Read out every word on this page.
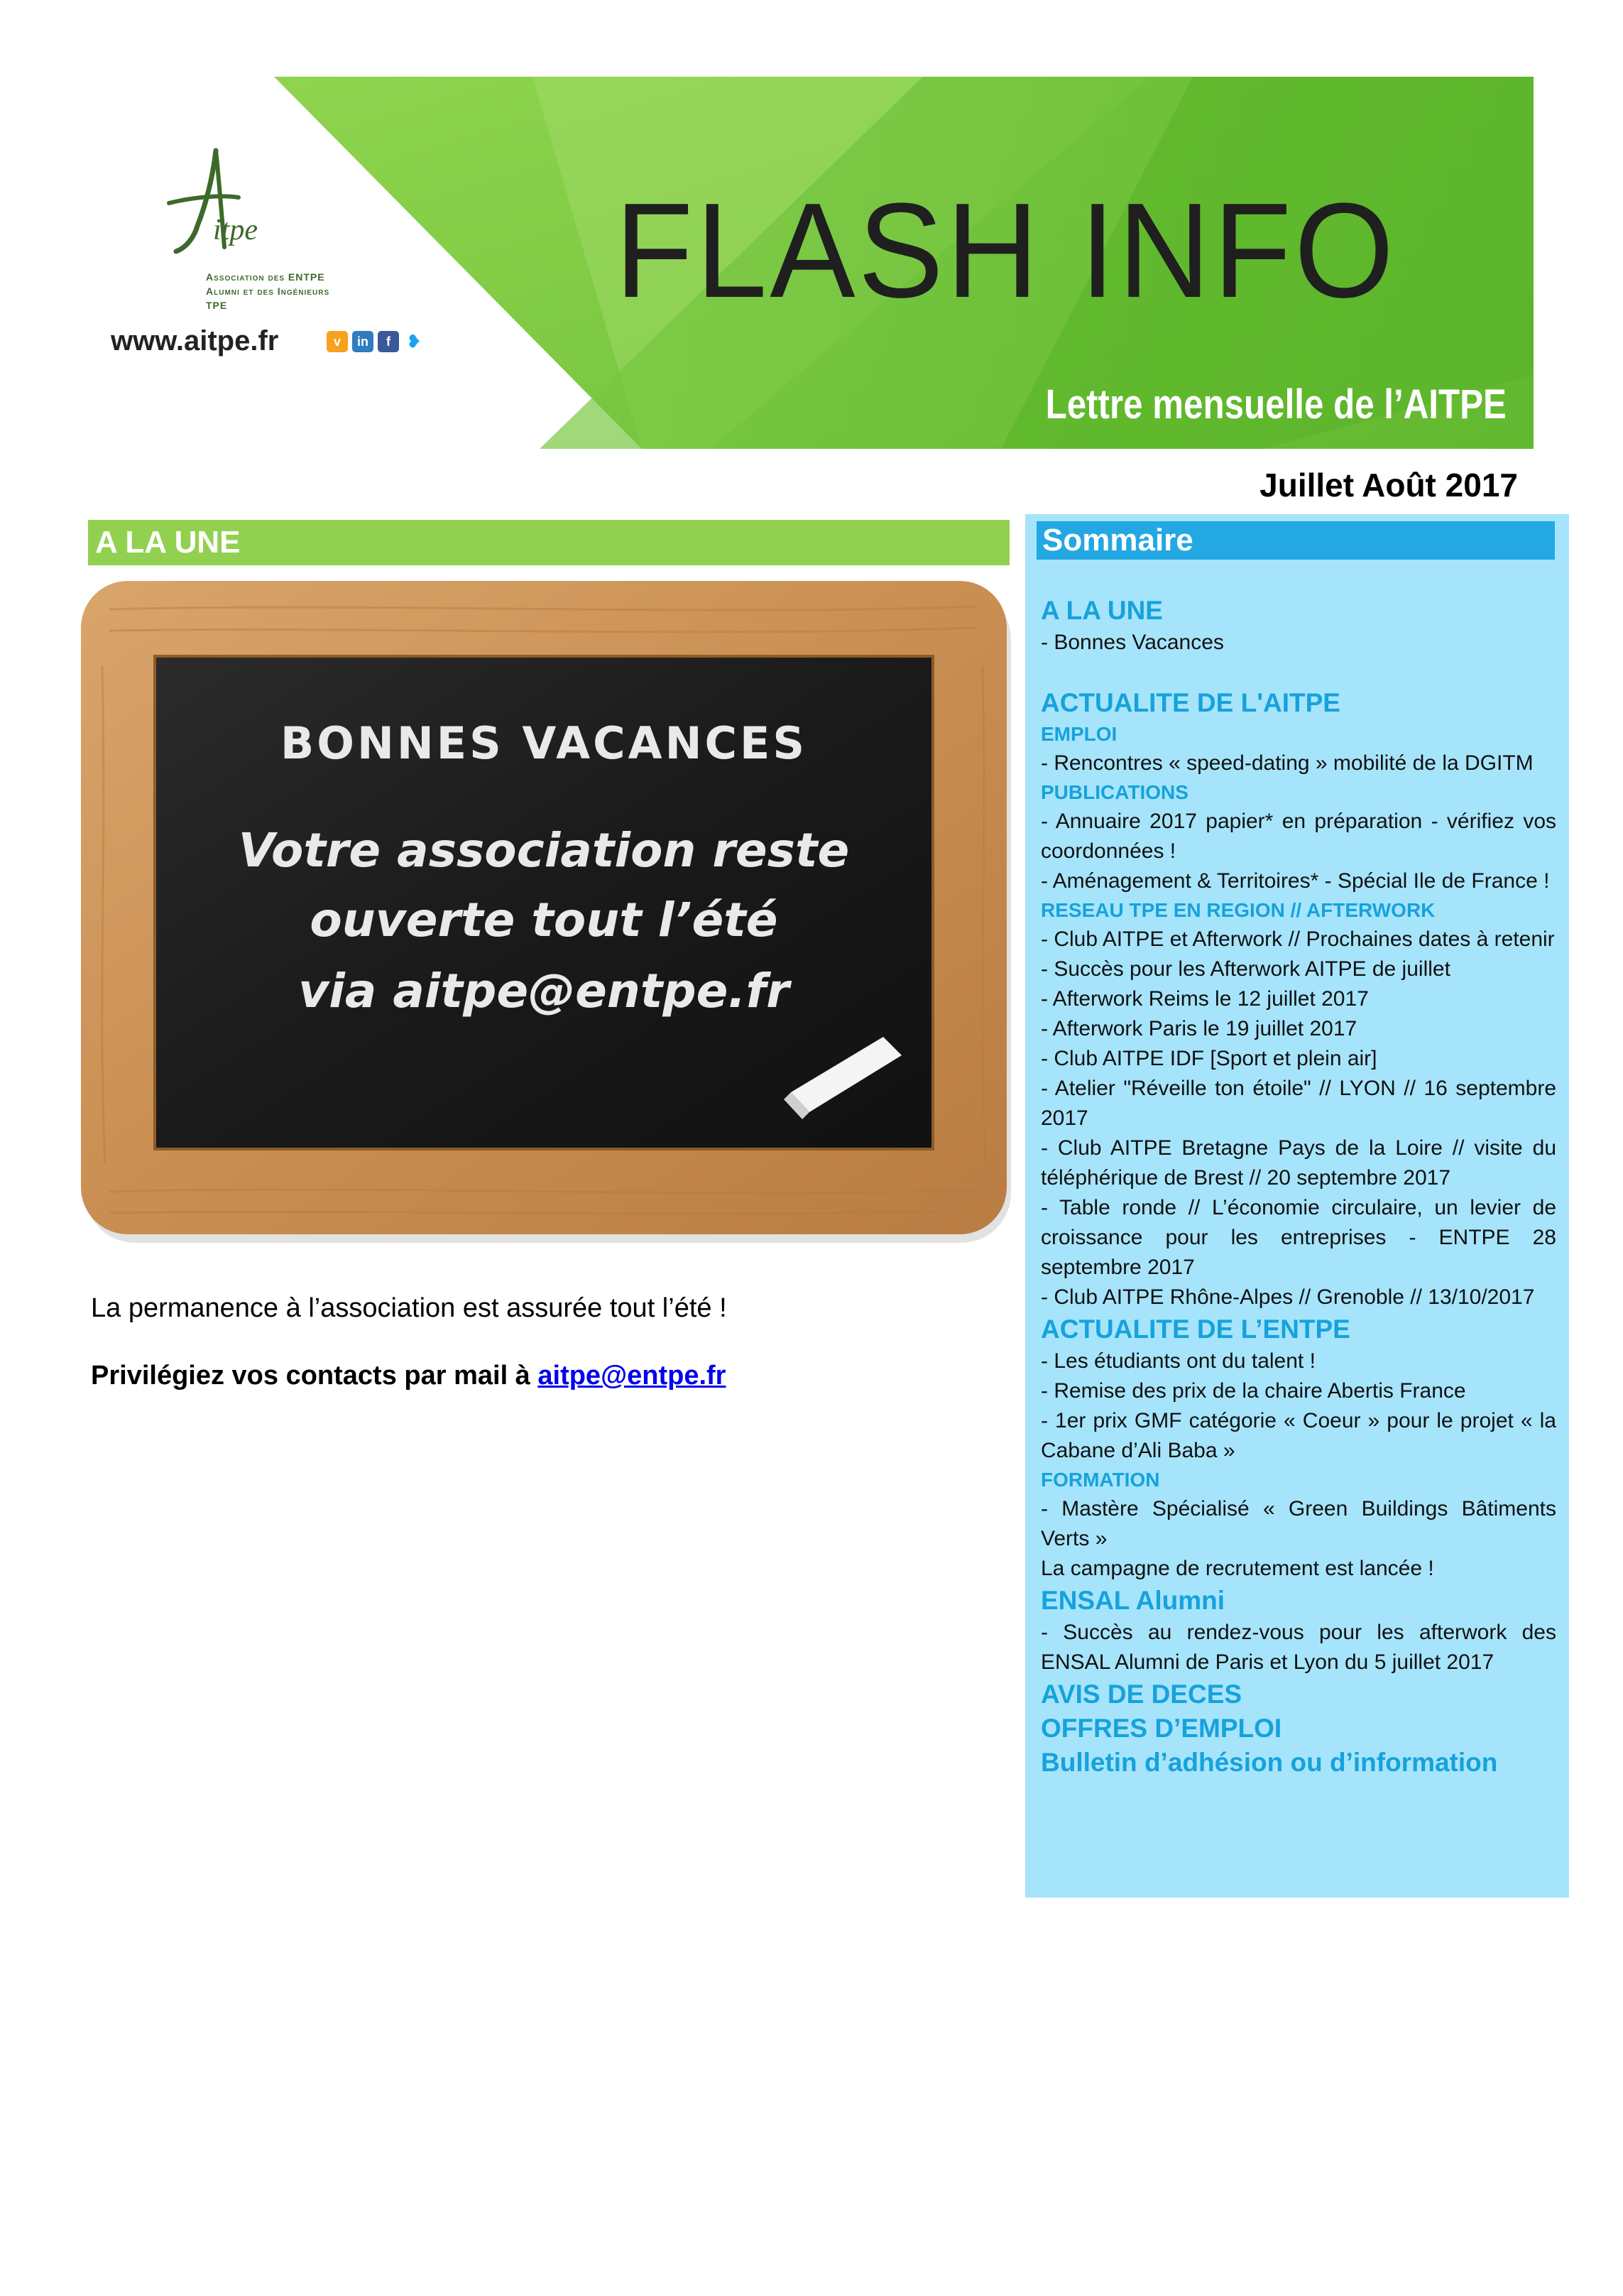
itpe
Association des ENTPE Alumni et des Ingénieurs TPE
www.aitpe.fr	v	in	f ❥
FLASH INFO
Lettre mensuelle de l’AITPE
Juillet Août 2017
A LA UNE
BONNES VACANCES
Votre association reste
ouverte tout l’été
via aitpe@entpe.fr
La permanence à l’association est assurée tout l’été !
Privilégiez vos contacts par mail à aitpe@entpe.fr
Sommaire
A LA UNE
- Bonnes Vacances
ACTUALITE DE L'AITPE
EMPLOI
- Rencontres « speed-dating » mobilité de la DGITM
PUBLICATIONS
- Annuaire 2017 papier* en préparation - vérifiez vos coordonnées !
- Aménagement & Territoires* - Spécial Ile de France !
RESEAU TPE EN REGION // AFTERWORK
- Club AITPE et Afterwork // Prochaines dates à retenir
- Succès pour les Afterwork AITPE de juillet
- Afterwork Reims le 12 juillet 2017
- Afterwork Paris le 19 juillet 2017
- Club AITPE IDF [Sport et plein air]
- Atelier "Réveille ton étoile" // LYON // 16 septembre 2017
- Club AITPE Bretagne Pays de la Loire // visite du téléphérique de Brest // 20 septembre 2017
- Table ronde // L’économie circulaire, un levier de croissance pour les entreprises - ENTPE 28 septembre 2017
- Club AITPE Rhône-Alpes // Grenoble // 13/10/2017
ACTUALITE DE L’ENTPE
- Les étudiants ont du talent !
- Remise des prix de la chaire Abertis France
- 1er prix GMF catégorie « Coeur » pour le projet « la Cabane d’Ali Baba »
FORMATION
- Mastère Spécialisé « Green Buildings Bâtiments Verts »
La campagne de recrutement est lancée !
ENSAL Alumni
- Succès au rendez-vous pour les afterwork des ENSAL Alumni de Paris et Lyon du 5 juillet 2017
AVIS DE DECES
OFFRES D’EMPLOI
Bulletin d’adhésion ou d’information
